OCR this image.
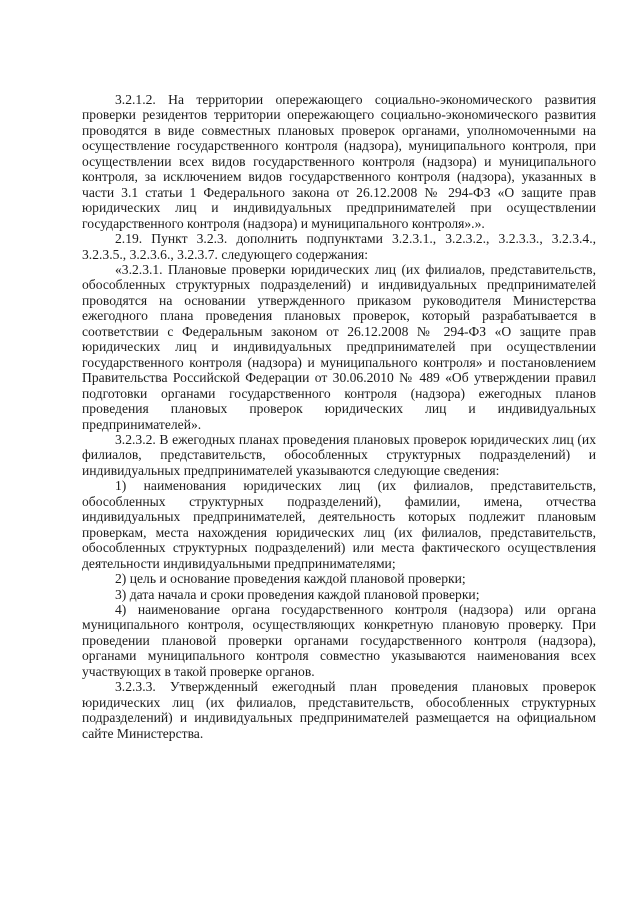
3.2.1.2. На территории опережающего социально-экономического развития проверки резидентов территории опережающего социально-экономического развития проводятся в виде совместных плановых проверок органами, уполномоченными на осуществление государственного контроля (надзора), муниципального контроля, при осуществлении всех видов государственного контроля (надзора) и муниципального контроля, за исключением видов государственного контроля (надзора), указанных в части 3.1 статьи 1 Федерального закона от 26.12.2008 № 294-ФЗ «О защите прав юридических лиц и индивидуальных предпринимателей при осуществлении государственного контроля (надзора) и муниципального контроля».».

2.19. Пункт 3.2.3. дополнить подпунктами 3.2.3.1., 3.2.3.2., 3.2.3.3., 3.2.3.4., 3.2.3.5., 3.2.3.6., 3.2.3.7. следующего содержания:

«3.2.3.1. Плановые проверки юридических лиц (их филиалов, представительств, обособленных структурных подразделений) и индивидуальных предпринимателей проводятся на основании утвержденного приказом руководителя Министерства ежегодного плана проведения плановых проверок, который разрабатывается в соответствии с Федеральным законом от 26.12.2008 № 294-ФЗ «О защите прав юридических лиц и индивидуальных предпринимателей при осуществлении государственного контроля (надзора) и муниципального контроля» и постановлением Правительства Российской Федерации от 30.06.2010 № 489 «Об утверждении правил подготовки органами государственного контроля (надзора) ежегодных планов проведения плановых проверок юридических лиц и индивидуальных предпринимателей».

3.2.3.2. В ежегодных планах проведения плановых проверок юридических лиц (их филиалов, представительств, обособленных структурных подразделений) и индивидуальных предпринимателей указываются следующие сведения:

1) наименования юридических лиц (их филиалов, представительств, обособленных структурных подразделений), фамилии, имена, отчества индивидуальных предпринимателей, деятельность которых подлежит плановым проверкам, места нахождения юридических лиц (их филиалов, представительств, обособленных структурных подразделений) или места фактического осуществления деятельности индивидуальными предпринимателями;

2) цель и основание проведения каждой плановой проверки;

3) дата начала и сроки проведения каждой плановой проверки;

4) наименование органа государственного контроля (надзора) или органа муниципального контроля, осуществляющих конкретную плановую проверку. При проведении плановой проверки органами государственного контроля (надзора), органами муниципального контроля совместно указываются наименования всех участвующих в такой проверке органов.

3.2.3.3. Утвержденный ежегодный план проведения плановых проверок юридических лиц (их филиалов, представительств, обособленных структурных подразделений) и индивидуальных предпринимателей размещается на официальном сайте Министерства.
